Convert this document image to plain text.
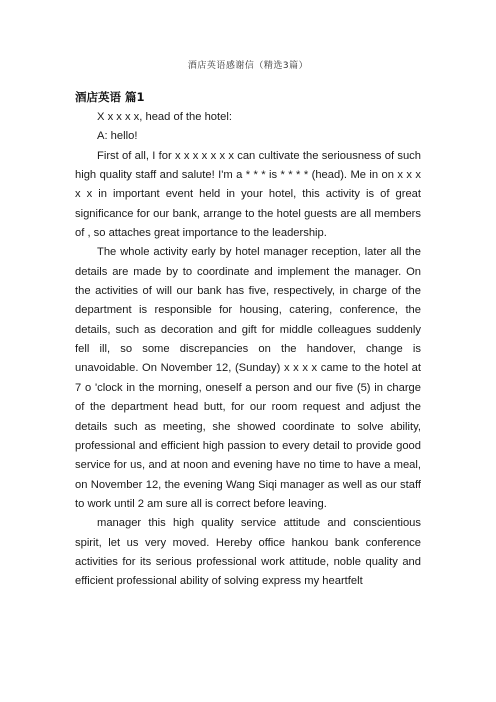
酒店英语感谢信（精选3篇）
酒店英语 篇1

X x x x x, head of the hotel:

A: hello!

First of all, I for x x x x x x x can cultivate the seriousness of such high quality staff and salute! I'm a * * * is * * * * (head). Me in on x x x x x in important event held in your hotel, this activity is of great significance for our bank, arrange to the hotel guests are all members of , so attaches great importance to the leadership.

The whole activity early by hotel manager reception, later all the details are made by to coordinate and implement the manager. On the activities of will our bank has five, respectively, in charge of the department is responsible for housing, catering, conference, the details, such as decoration and gift for middle colleagues suddenly fell ill, so some discrepancies on the handover, change is unavoidable. On November 12, (Sunday) x x x x came to the hotel at 7 o 'clock in the morning, oneself a person and our five (5) in charge of the department head butt, for our room request and adjust the details such as meeting, she showed coordinate to solve ability, professional and efficient high passion to every detail to provide good service for us, and at noon and evening have no time to have a meal, on November 12, the evening Wang Siqi manager as well as our staff to work until 2 am sure all is correct before leaving.

manager this high quality service attitude and conscientious spirit, let us very moved. Hereby office hankou bank conference activities for its serious professional work attitude, noble quality and efficient professional ability of solving express my heartfelt
